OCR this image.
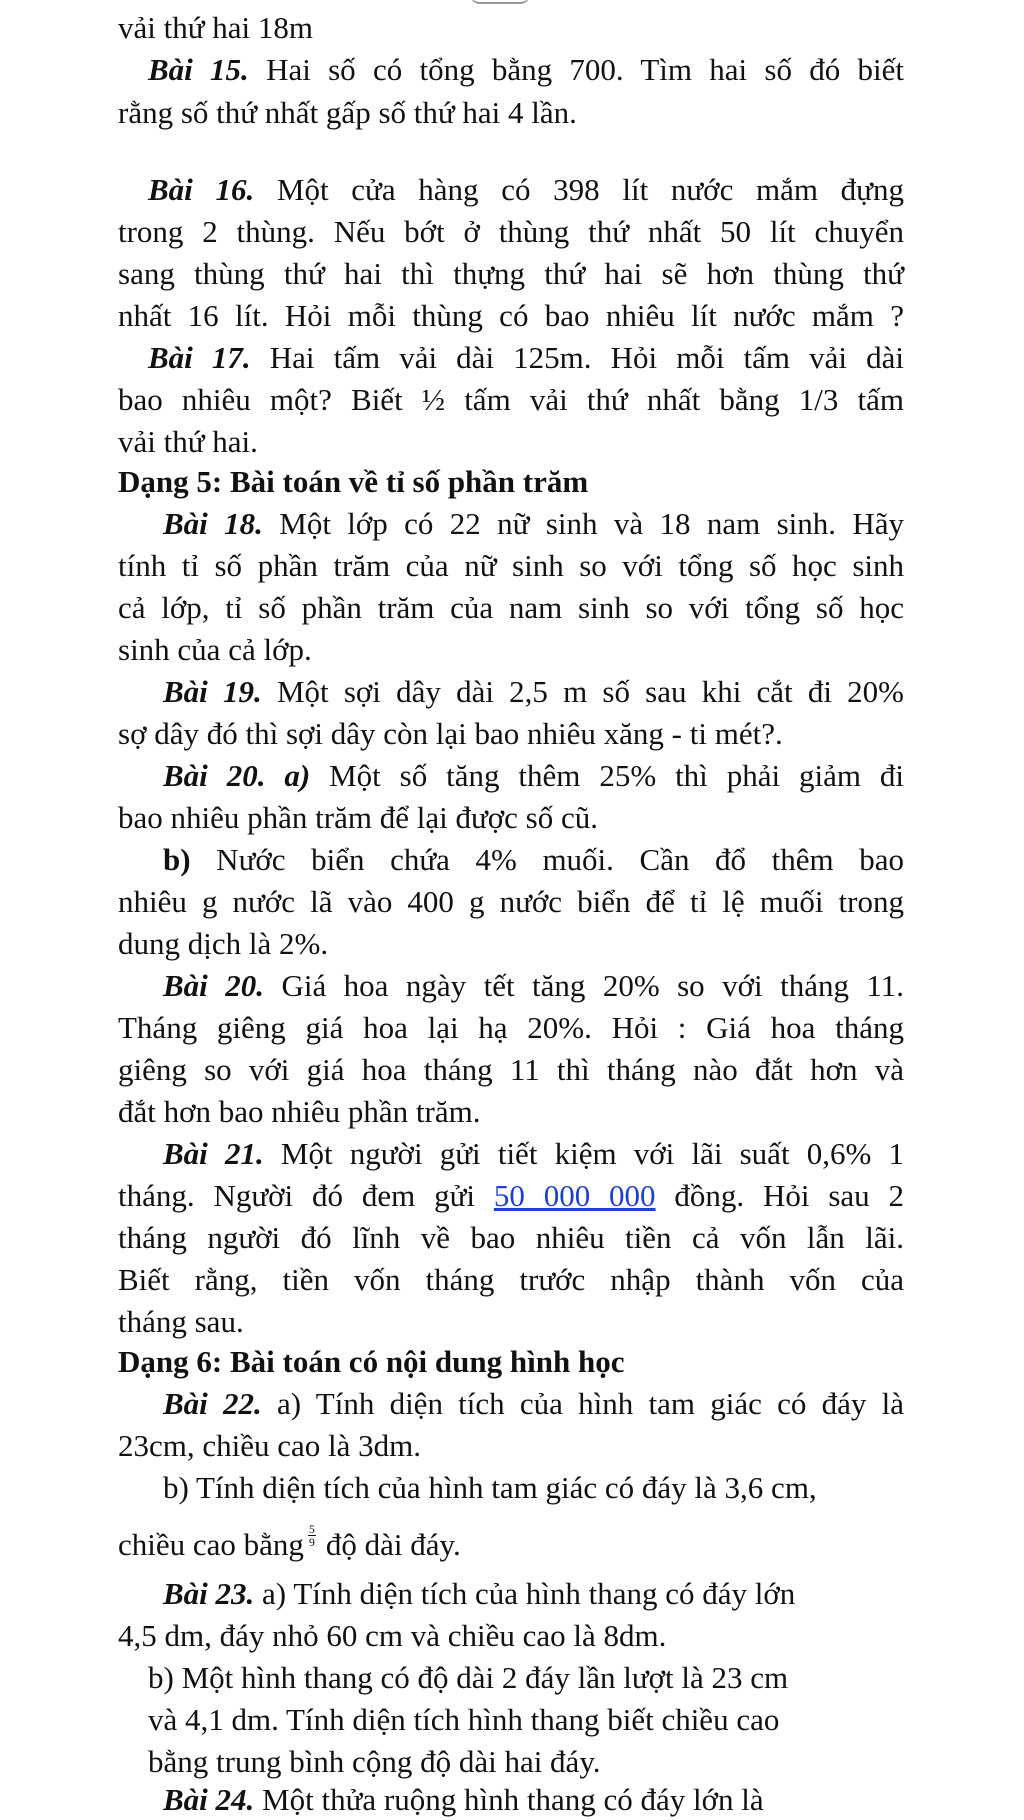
vải thứ hai 18m
Bài 15. Hai số có tổng bằng 700. Tìm hai số đó biết
rằng số thứ nhất gấp số thứ hai 4 lần.
Bài 16. Một cửa hàng có 398 lít nước mắm đựng
trong 2 thùng. Nếu bớt ở thùng thứ nhất 50 lít chuyển
sang thùng thứ hai thì thựng thứ hai sẽ hơn thùng thứ
nhất 16 lít. Hỏi mỗi thùng có bao nhiêu lít nước mắm ?
Bài 17. Hai tấm vải dài 125m. Hỏi mỗi tấm vải dài
bao nhiêu một? Biết ½ tấm vải thứ nhất bằng 1/3 tấm
vải thứ hai.
Dạng 5: Bài toán về tỉ số phần trăm
Bài 18. Một lớp có 22 nữ sinh và 18 nam sinh. Hãy
tính tỉ số phần trăm của nữ sinh so với tổng số học sinh
cả lớp, tỉ số phần trăm của nam sinh so với tổng số học
sinh của cả lớp.
Bài 19. Một sợi dây dài 2,5 m số sau khi cắt đi 20%
sợ dây đó thì sợi dây còn lại bao nhiêu xăng - ti mét?.
Bài 20. a) Một số tăng thêm 25% thì phải giảm đi
bao nhiêu phần trăm để lại được số cũ.
b) Nước biển chứa 4% muối. Cần đổ thêm bao
nhiêu g nước lã vào 400 g nước biển để tỉ lệ muối trong
dung dịch là 2%.
Bài 20. Giá hoa ngày tết tăng 20% so với tháng 11.
Tháng giêng giá hoa lại hạ 20%. Hỏi : Giá hoa tháng
giêng so với giá hoa tháng 11 thì tháng nào đắt hơn và
đắt hơn bao nhiêu phần trăm.
Bài 21. Một người gửi tiết kiệm với lãi suất 0,6% 1
tháng. Người đó đem gửi 50 000 000 đồng. Hỏi sau 2
tháng người đó lĩnh về bao nhiêu tiền cả vốn lẫn lãi.
Biết rằng, tiền vốn tháng trước nhập thành vốn của
tháng sau.
Dạng 6: Bài toán có nội dung hình học
Bài 22. a) Tính diện tích của hình tam giác có đáy là
23cm, chiều cao là 3dm.
b) Tính diện tích của hình tam giác có đáy là 3,6 cm,
chiều cao bằng $\frac{5}{9}$ độ dài đáy.
Bài 23. a) Tính diện tích của hình thang có đáy lớn
4,5 dm, đáy nhỏ 60 cm và chiều cao là 8dm.
b) Một hình thang có độ dài 2 đáy lần lượt là 23 cm
và 4,1 dm. Tính diện tích hình thang biết chiều cao
bằng trung bình cộng độ dài hai đáy.
Bài 24. Một thửa ruộng hình thang có đáy lớn là
